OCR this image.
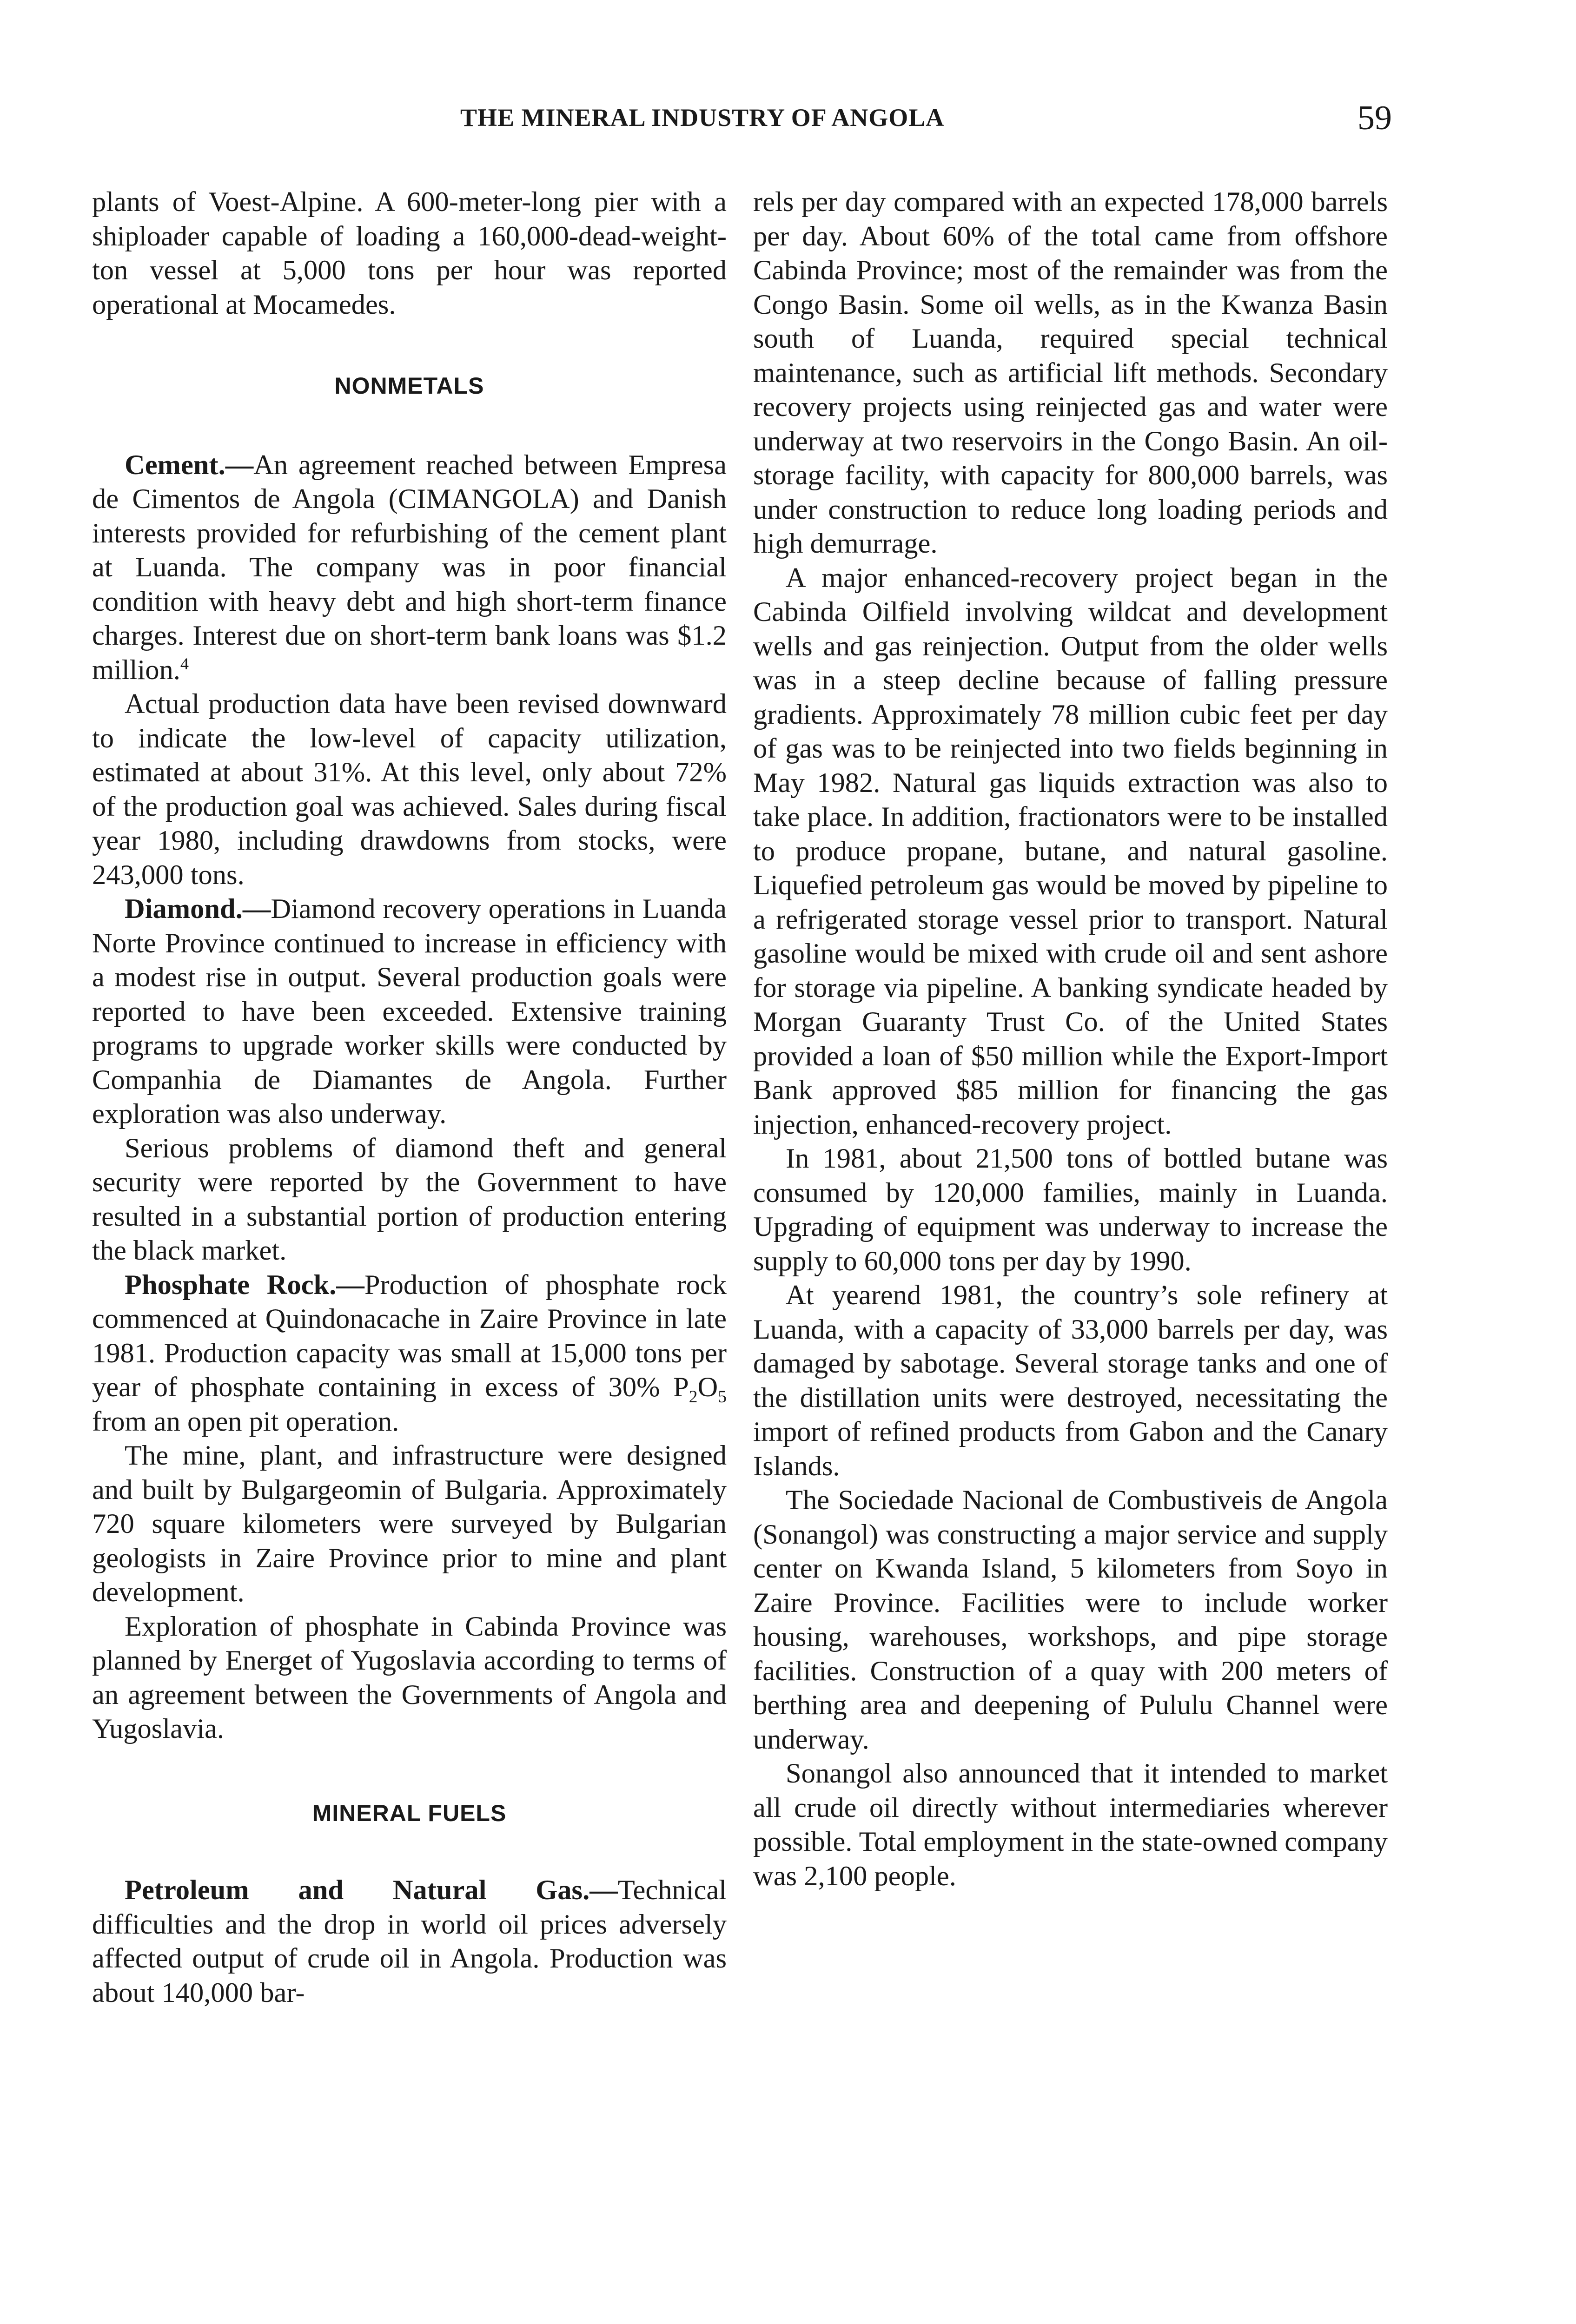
THE MINERAL INDUSTRY OF ANGOLA	59

plants of Voest-Alpine. A 600-meter-long pier with a shiploader capable of loading a 160,000-dead-weight-ton vessel at 5,000 tons per hour was reported operational at Mocamedes.

NONMETALS

Cement.—An agreement reached between Empresa de Cimentos de Angola (CIMANGOLA) and Danish interests provided for refurbishing of the cement plant at Luanda. The company was in poor financial condition with heavy debt and high short-term finance charges. Interest due on short-term bank loans was $1.2 million.$^4$

Actual production data have been revised downward to indicate the low-level of capacity utilization, estimated at about 31%. At this level, only about 72% of the production goal was achieved. Sales during fiscal year 1980, including drawdowns from stocks, were 243,000 tons.

Diamond.—Diamond recovery operations in Luanda Norte Province continued to increase in efficiency with a modest rise in output. Several production goals were reported to have been exceeded. Extensive training programs to upgrade worker skills were conducted by Companhia de Diamantes de Angola. Further exploration was also underway.

Serious problems of diamond theft and general security were reported by the Government to have resulted in a substantial portion of production entering the black market.

Phosphate Rock.—Production of phosphate rock commenced at Quindonacache in Zaire Province in late 1981. Production capacity was small at 15,000 tons per year of phosphate containing in excess of 30% $P_2O_5$ from an open pit operation.

The mine, plant, and infrastructure were designed and built by Bulgargeomin of Bulgaria. Approximately 720 square kilometers were surveyed by Bulgarian geologists in Zaire Province prior to mine and plant development.

Exploration of phosphate in Cabinda Province was planned by Energet of Yugoslavia according to terms of an agreement between the Governments of Angola and Yugoslavia.

MINERAL FUELS

Petroleum and Natural Gas.—Technical difficulties and the drop in world oil prices adversely affected output of crude oil in Angola. Production was about 140,000 bar-

rels per day compared with an expected 178,000 barrels per day. About 60% of the total came from offshore Cabinda Province; most of the remainder was from the Congo Basin. Some oil wells, as in the Kwanza Basin south of Luanda, required special technical maintenance, such as artificial lift methods. Secondary recovery projects using reinjected gas and water were underway at two reservoirs in the Congo Basin. An oil-storage facility, with capacity for 800,000 barrels, was under construction to reduce long loading periods and high demurrage.

A major enhanced-recovery project began in the Cabinda Oilfield involving wildcat and development wells and gas reinjection. Output from the older wells was in a steep decline because of falling pressure gradients. Approximately 78 million cubic feet per day of gas was to be reinjected into two fields beginning in May 1982. Natural gas liquids extraction was also to take place. In addition, fractionators were to be installed to produce propane, butane, and natural gasoline. Liquefied petroleum gas would be moved by pipeline to a refrigerated storage vessel prior to transport. Natural gasoline would be mixed with crude oil and sent ashore for storage via pipeline. A banking syndicate headed by Morgan Guaranty Trust Co. of the United States provided a loan of $50 million while the Export-Import Bank approved $85 million for financing the gas injection, enhanced-recovery project.

In 1981, about 21,500 tons of bottled butane was consumed by 120,000 families, mainly in Luanda. Upgrading of equipment was underway to increase the supply to 60,000 tons per day by 1990.

At yearend 1981, the country’s sole refinery at Luanda, with a capacity of 33,000 barrels per day, was damaged by sabotage. Several storage tanks and one of the distillation units were destroyed, necessitating the import of refined products from Gabon and the Canary Islands.

The Sociedade Nacional de Combustiveis de Angola (Sonangol) was constructing a major service and supply center on Kwanda Island, 5 kilometers from Soyo in Zaire Province. Facilities were to include worker housing, warehouses, workshops, and pipe storage facilities. Construction of a quay with 200 meters of berthing area and deepening of Pululu Channel were underway.

Sonangol also announced that it intended to market all crude oil directly without intermediaries wherever possible. Total employment in the state-owned company was 2,100 people.
